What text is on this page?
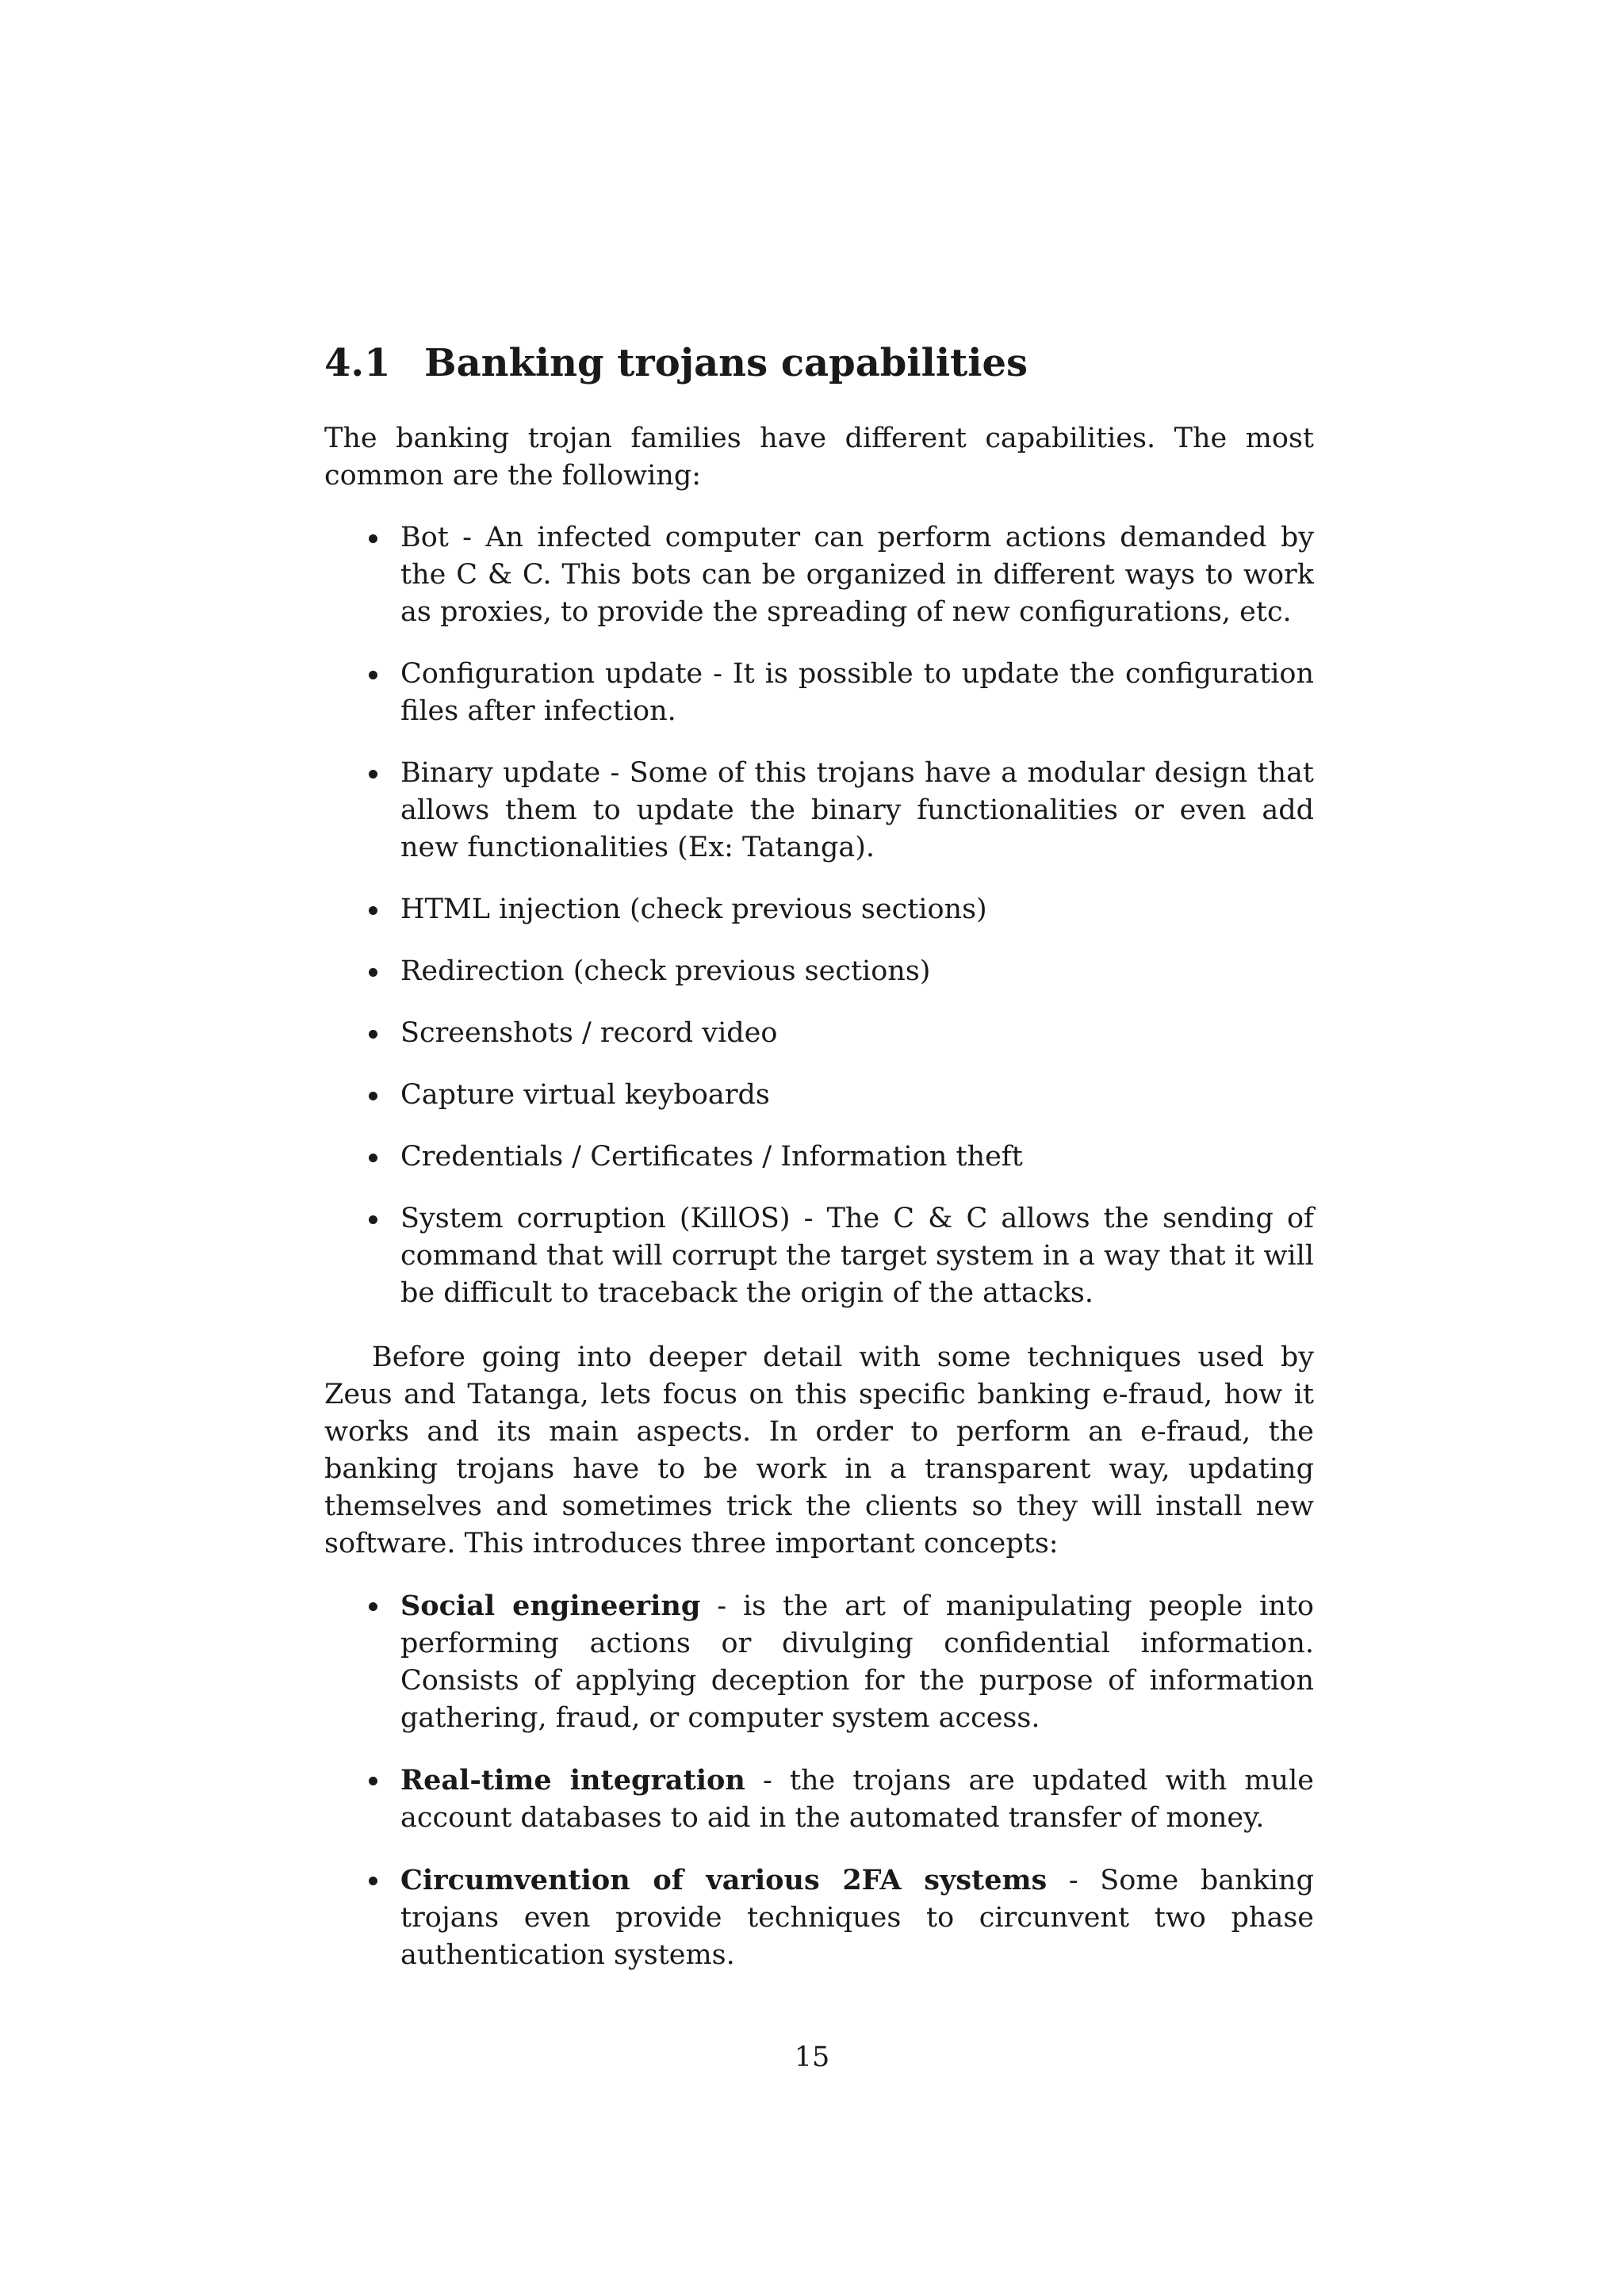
4.1 Banking trojans capabilities

The banking trojan families have different capabilities. The most common are the following:

Bot - An infected computer can perform actions demanded by the C & C. This bots can be organized in different ways to work as proxies, to provide the spreading of new configurations, etc.
Configuration update - It is possible to update the configuration files after infection.
Binary update - Some of this trojans have a modular design that allows them to update the binary functionalities or even add new functionalities (Ex: Tatanga).
HTML injection (check previous sections)
Redirection (check previous sections)
Screenshots / record video
Capture virtual keyboards
Credentials / Certificates / Information theft
System corruption (KillOS) - The C & C allows the sending of command that will corrupt the target system in a way that it will be difficult to traceback the origin of the attacks.

Before going into deeper detail with some techniques used by Zeus and Tatanga, lets focus on this specific banking e-fraud, how it works and its main aspects. In order to perform an e-fraud, the banking trojans have to be work in a transparent way, updating themselves and sometimes trick the clients so they will install new software. This introduces three important concepts:

Social engineering - is the art of manipulating people into performing actions or divulging confidential information. Consists of applying deception for the purpose of information gathering, fraud, or computer system access.
Real-time integration - the trojans are updated with mule account databases to aid in the automated transfer of money.
Circumvention of various 2FA systems - Some banking trojans even provide techniques to circunvent two phase authentication systems.
15
